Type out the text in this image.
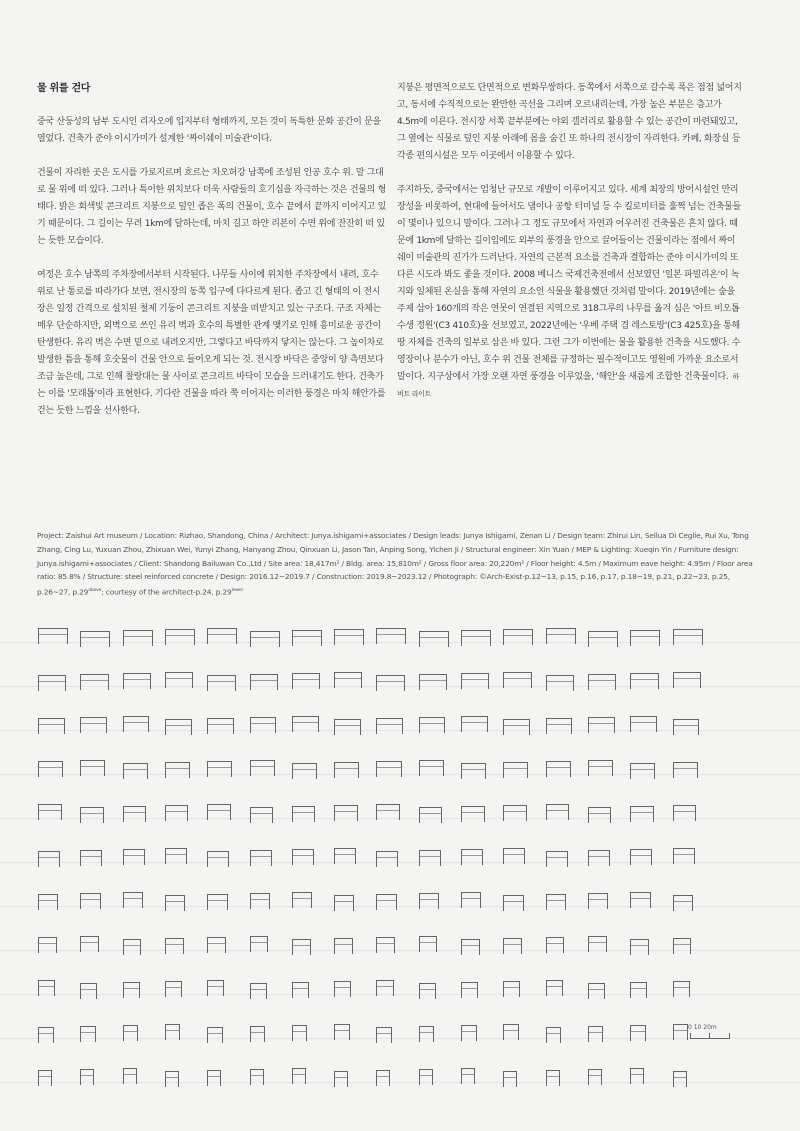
물 위를 걷다

중국 산둥성의 남부 도시인 리자오에 입지부터 형태까지, 모든 것이 독특한 문화 공간이 문을 열었다. 건축가 준야 이시가미가 설계한 '짜이쉐이 미술관'이다.

건물이 자리한 곳은 도시를 가로지르며 흐르는 차오허강 남쪽에 조성된 인공 호수 위. 말 그대로 물 위에 떠 있다. 그러나 특이한 위치보다 더욱 사람들의 호기심을 자극하는 것은 건물의 형태다. 밝은 회색빛 콘크리트 지붕으로 덮인 좁은 폭의 건물이, 호수 끝에서 끝까지 이어지고 있기 때문이다. 그 길이는 무려 1km에 달하는데, 마치 길고 하얀 리본이 수면 위에 잔잔히 떠 있는 듯한 모습이다.

여정은 호수 남쪽의 주차장에서부터 시작된다. 나무들 사이에 위치한 주차장에서 내려, 호수 위로 난 통로를 따라가다 보면, 전시장의 동쪽 입구에 다다르게 된다. 좁고 긴 형태의 이 전시장은 일정 간격으로 설치된 철제 기둥이 콘크리트 지붕을 떠받치고 있는 구조다. 구조 자체는 매우 단순하지만, 외벽으로 쓰인 유리 벽과 호수의 특별한 관계 맺기로 인해 흥미로운 공간이 탄생한다. 유리 벽은 수면 밑으로 내려오지만, 그렇다고 바닥까지 닿지는 않는다. 그 높이차로 발생한 틈을 통해 호숫물이 건물 안으로 들어오게 되는 것. 전시장 바닥은 중앙이 양 측면보다 조금 높은데, 그로 인해 찰랑대는 물 사이로 콘크리트 바닥이 모습을 드러내기도 한다. 건축가는 이를 '모래톱'이라 표현한다. 기다란 건물을 따라 쭉 이어지는 이러한 풍경은 마치 해안가를 걷는 듯한 느낌을 선사한다.

지붕은 평면적으로도 단면적으로 변화무쌍하다. 동쪽에서 서쪽으로 갈수록 폭은 점점 넓어지고, 동시에 수직적으로는 완만한 곡선을 그리며 오르내리는데, 가장 높은 부분은 층고가 4.5m에 이른다. 전시장 서쪽 끝부분에는 야외 갤러리로 활용할 수 있는 공간이 마련돼있고, 그 옆에는 식물로 덮인 지붕 아래에 몸을 숨긴 또 하나의 전시장이 자리한다. 카페, 화장실 등 각종 편의시설은 모두 이곳에서 이용할 수 있다.

주지하듯, 중국에서는 엄청난 규모로 개발이 이루어지고 있다. 세계 최장의 방어시설인 만리장성을 비롯하여, 현대에 들어서도 댐이나 공항 터미널 등 수 킬로미터를 훌쩍 넘는 건축물들이 몇이나 있으니 말이다. 그러나 그 정도 규모에서 자연과 어우러진 건축물은 흔치 않다. 때문에 1km에 달하는 길이임에도 외부의 풍경을 안으로 끌어들이는 건물이라는 점에서 짜이쉐이 미술관의 진가가 드러난다. 자연의 근본적 요소를 건축과 결합하는 준야 이시가미의 또 다른 시도라 봐도 좋을 것이다. 2008 베니스 국제건축전에서 선보였던 '일본 파빌리온'이 녹지와 일체된 온실을 통해 자연의 요소인 식물을 활용했던 것처럼 말이다. 2019년에는 숲을 주제 삼아 160개의 작은 연못이 연결된 지역으로 318그루의 나무를 옮겨 심은 '아트 비오톱 수생 정원'(C3 410호)을 선보였고, 2022년에는 '우베 주택 겸 레스토랑'(C3 425호)을 통해 땅 자체를 건축의 일부로 삼은 바 있다. 그런 그가 이번에는 물을 활용한 건축을 시도했다. 수영장이나 분수가 아닌, 호수 위 건물 전체를 규정하는 필수적이고도 영원에 가까운 요소로서 말이다. 지구상에서 가장 오랜 자연 풍경을 이루었을, '해안'을 새롭게 조합한 건축물이다. 하버트 라이트

Project: Zaishui Art museum / Location: Rizhao, Shandong, China / Architect: Junya.ishigami+associates / Design leads: Junya Ishigami, Zenan Li / Design team: Zhirui Lin, Sellua Di Ceglie, Rui Xu, Tong Zhang, Cing Lu, Yuxuan Zhou, Zhixuan Wei, Yunyi Zhang, Hanyang Zhou, Qinxuan Li, Jason Tan, Anping Song, Yichen Ji / Structural engineer: Xin Yuan / MEP & Lighting: Xueqin Yin / Furniture design: Junya.ishigami+associates / Client: Shandong Bailuwan Co.,Ltd / Site area: 18,417m² / Bldg. area: 15,810m² / Gross floor area: 20,220m² / Floor height: 4.5m / Maximum eave height: 4.95m / Floor area ratio: 85.8% / Structure: steel reinforced concrete / Design: 2016.12~2019.7 / Construction: 2019.8~2023.12 / Photograph: ©Arch-Exist-p.12~13, p.15, p.16, p.17, p.18~19, p.21, p.22~23, p.25, p.26~27, $p.29^{above}$; courtesy of the architect-p.24, $p.29^{lower}$
0 10 20m
